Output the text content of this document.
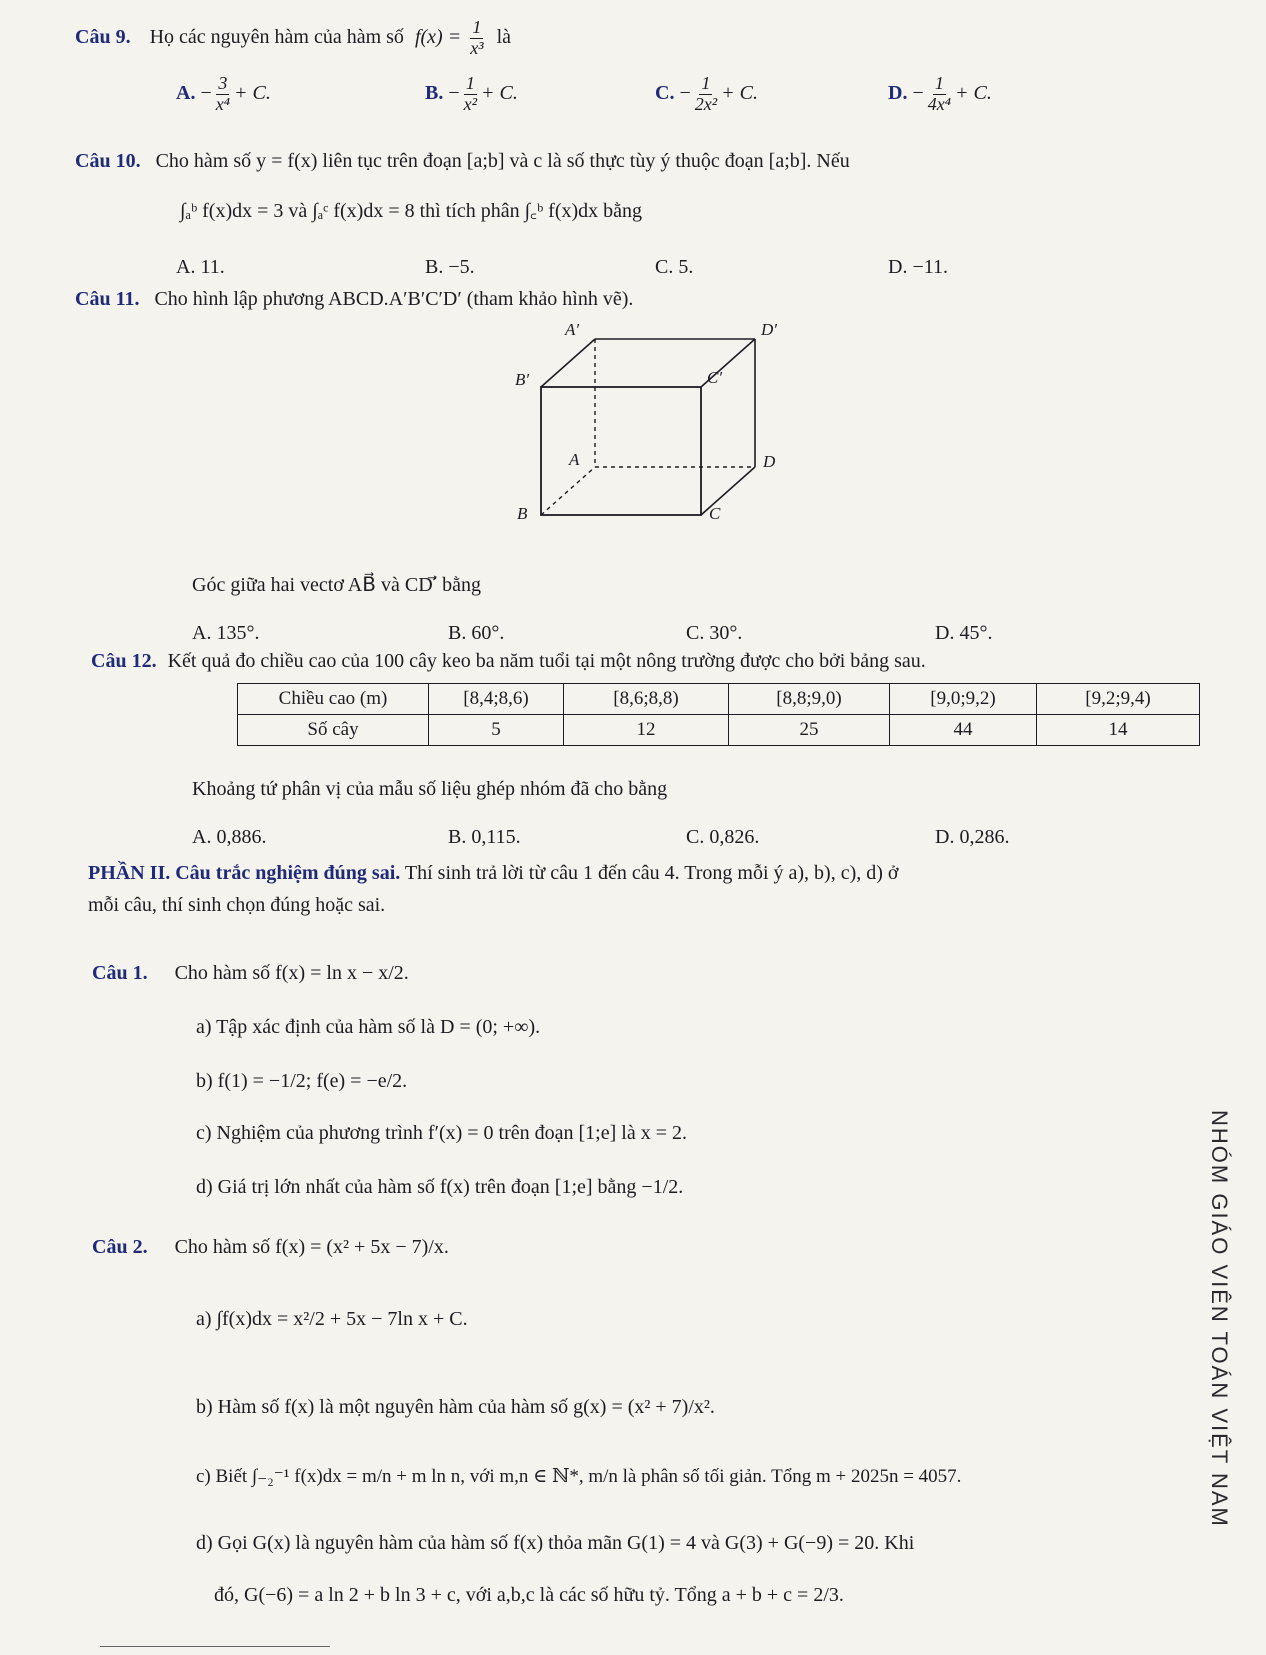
Câu 9. Họ các nguyên hàm của hàm số $f(x) = \frac{1}{\text{x³}}$ là
A. − $\frac{3}{\text{x⁴}} + C$.	B. − $\frac{1}{\text{x²}} + C$.	C. − $\frac{1}{\text{2x²}} + C$.	D. − $\frac{1}{\text{4x⁴}} + C$.
Câu 10. Cho hàm số y = f(x) liên tục trên đoạn [a;b] và c là số thực tùy ý thuộc đoạn [a;b]. Nếu
∫ₐᵇ f(x)dx = 3 và ∫ₐᶜ f(x)dx = 8 thì tích phân ∫꜀ᵇ f(x)dx bằng
A. 11.	B. −5.	C. 5.	D. −11.
Câu 11. Cho hình lập phương ABCD.A′B′C′D′ (tham khảo hình vẽ).
A′	D′
B′	C′
A	D
B	C
Góc giữa hai vectơ AB⃗ và CD′⃗ bằng
A. 135°.	B. 60°.	C. 30°.	D. 45°.
Câu 12. Kết quả đo chiều cao của 100 cây keo ba năm tuổi tại một nông trường được cho bởi bảng sau.
Chiều cao (m)	[8,4;8,6)	[8,6;8,8)	[8,8;9,0)	[9,0;9,2)	[9,2;9,4)
Số cây	5	12	25	44	14
Khoảng tứ phân vị của mẫu số liệu ghép nhóm đã cho bằng
A. 0,886.	B. 0,115.	C. 0,826.	D. 0,286.
PHẦN II. Câu trắc nghiệm đúng sai. Thí sinh trả lời từ câu 1 đến câu 4. Trong mỗi ý a), b), c), d) ở
mỗi câu, thí sinh chọn đúng hoặc sai.
Câu 1. Cho hàm số f(x) = ln x − x/2.
a) Tập xác định của hàm số là D = (0; +∞).
b) f(1) = −1/2; f(e) = −e/2.
c) Nghiệm của phương trình f′(x) = 0 trên đoạn [1;e] là x = 2.
d) Giá trị lớn nhất của hàm số f(x) trên đoạn [1;e] bằng −1/2.
Câu 2. Cho hàm số f(x) = (x² + 5x − 7)/x.
a) ∫f(x)dx = x²/2 + 5x − 7ln x + C.
b) Hàm số f(x) là một nguyên hàm của hàm số g(x) = (x² + 7)/x².
c) Biết ∫₋₂⁻¹ f(x)dx = m/n + m ln n, với m,n ∈ ℕ*, m/n là phân số tối giản. Tổng m + 2025n = 4057.
d) Gọi G(x) là nguyên hàm của hàm số f(x) thỏa mãn G(1) = 4 và G(3) + G(−9) = 20. Khi
đó, G(−6) = a ln 2 + b ln 3 + c, với a,b,c là các số hữu tỷ. Tổng a + b + c = 2/3.
NHÓM GIÁO VIÊN TOÁN VIỆT NAM
